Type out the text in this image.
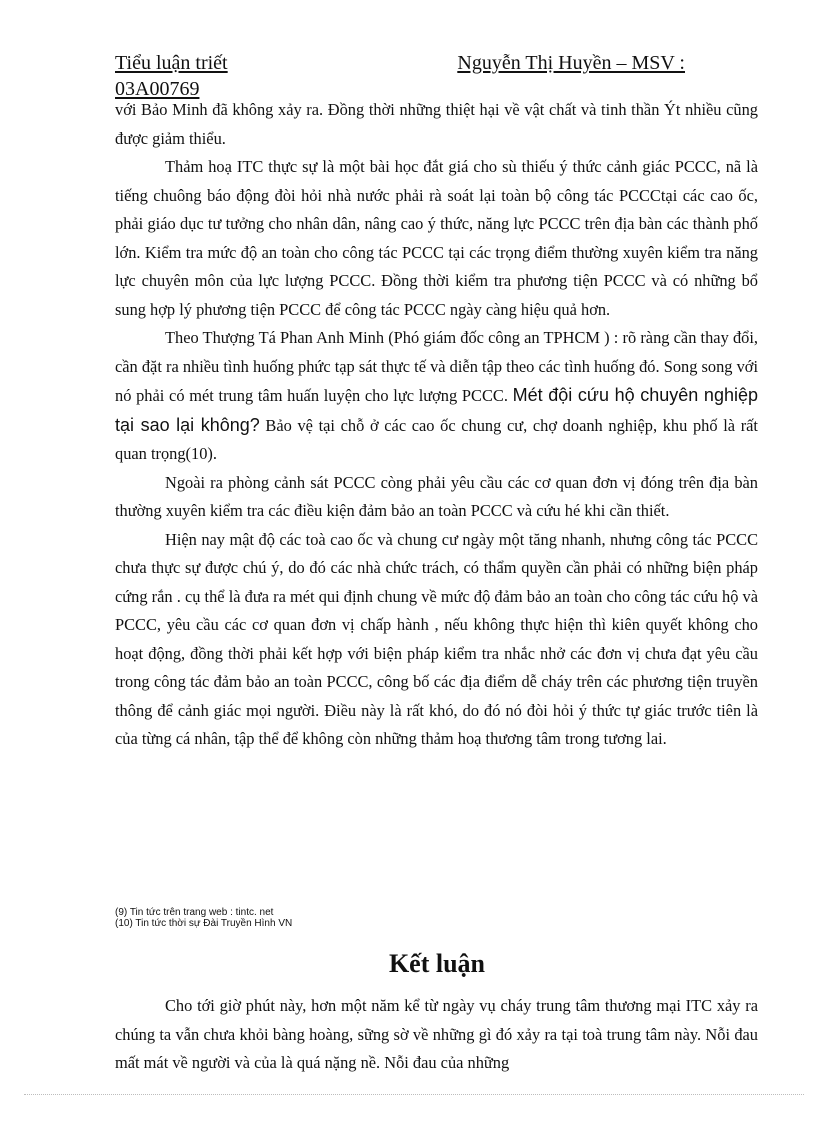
Tiểu luận triết	Nguyễn Thị Huyền – MSV :
03A00769

với Bảo Minh đã không xảy ra. Đồng thời những thiệt hại về vật chất và tinh thần Ýt nhiều cũng được giảm thiểu.

Thảm hoạ ITC thực sự là một bài học đắt giá cho sù thiếu ý thức cảnh giác PCCC, nã là tiếng chuông báo động đòi hỏi nhà nước phải rà soát lại toàn bộ công tác PCCCtại các cao ốc, phải giáo dục tư tưởng cho nhân dân, nâng cao ý thức, năng lực PCCC trên địa bàn các thành phố lớn. Kiểm tra mức độ an toàn cho công tác PCCC tại các trọng điểm thường xuyên kiểm tra năng lực chuyên môn của lực lượng PCCC. Đồng thời kiểm tra phương tiện PCCC và có những bổ sung hợp lý phương tiện PCCC để công tác PCCC ngày càng hiệu quả hơn.

Theo Thượng Tá Phan Anh Minh (Phó giám đốc công an TPHCM ) : rõ ràng cần thay đổi, cần đặt ra nhiều tình huống phức tạp sát thực tế và diễn tập theo các tình huống đó. Song song với nó phải có mét trung tâm huấn luyện cho lực lượng PCCC. Mét đội cứu hộ chuyên nghiệp tại sao lại không? Bảo vệ tại chỗ ở các cao ốc chung cư, chợ doanh nghiệp, khu phố là rất quan trọng(10).

Ngoài ra phòng cảnh sát PCCC còng phải yêu cầu các cơ quan đơn vị đóng trên địa bàn thường xuyên kiểm tra các điều kiện đảm bảo an toàn PCCC và cứu hé khi cần thiết.

Hiện nay mật độ các toà cao ốc và chung cư ngày một tăng nhanh, nhưng công tác PCCC chưa thực sự được chú ý, do đó các nhà chức trách, có thẩm quyền cần phải có những biện pháp cứng rắn . cụ thể là đưa ra mét qui định chung về mức độ đảm bảo an toàn cho công tác cứu hộ và PCCC, yêu cầu các cơ quan đơn vị chấp hành , nếu không thực hiện thì kiên quyết không cho hoạt động, đồng thời phải kết hợp với biện pháp kiểm tra nhắc nhở các đơn vị chưa đạt yêu cầu trong công tác đảm bảo an toàn PCCC, công bố các địa điểm dễ cháy trên các phương tiện truyền thông để cảnh giác mọi người. Điều này là rất khó, do đó nó đòi hỏi ý thức tự giác trước tiên là của từng cá nhân, tập thể để không còn những thảm hoạ thương tâm trong tương lai.

(9) Tin tức trên trang web : tintc. net
(10) Tin tức thời sự Đài Truyền Hình VN
Kết luận

Cho tới giờ phút này, hơn một năm kể từ ngày vụ cháy trung tâm thương mại ITC xảy ra chúng ta vẫn chưa khỏi bàng hoàng, sững sờ về những gì đó xảy ra tại toà trung tâm này. Nỗi đau mất mát về người và của là quá nặng nề. Nỗi đau của những
